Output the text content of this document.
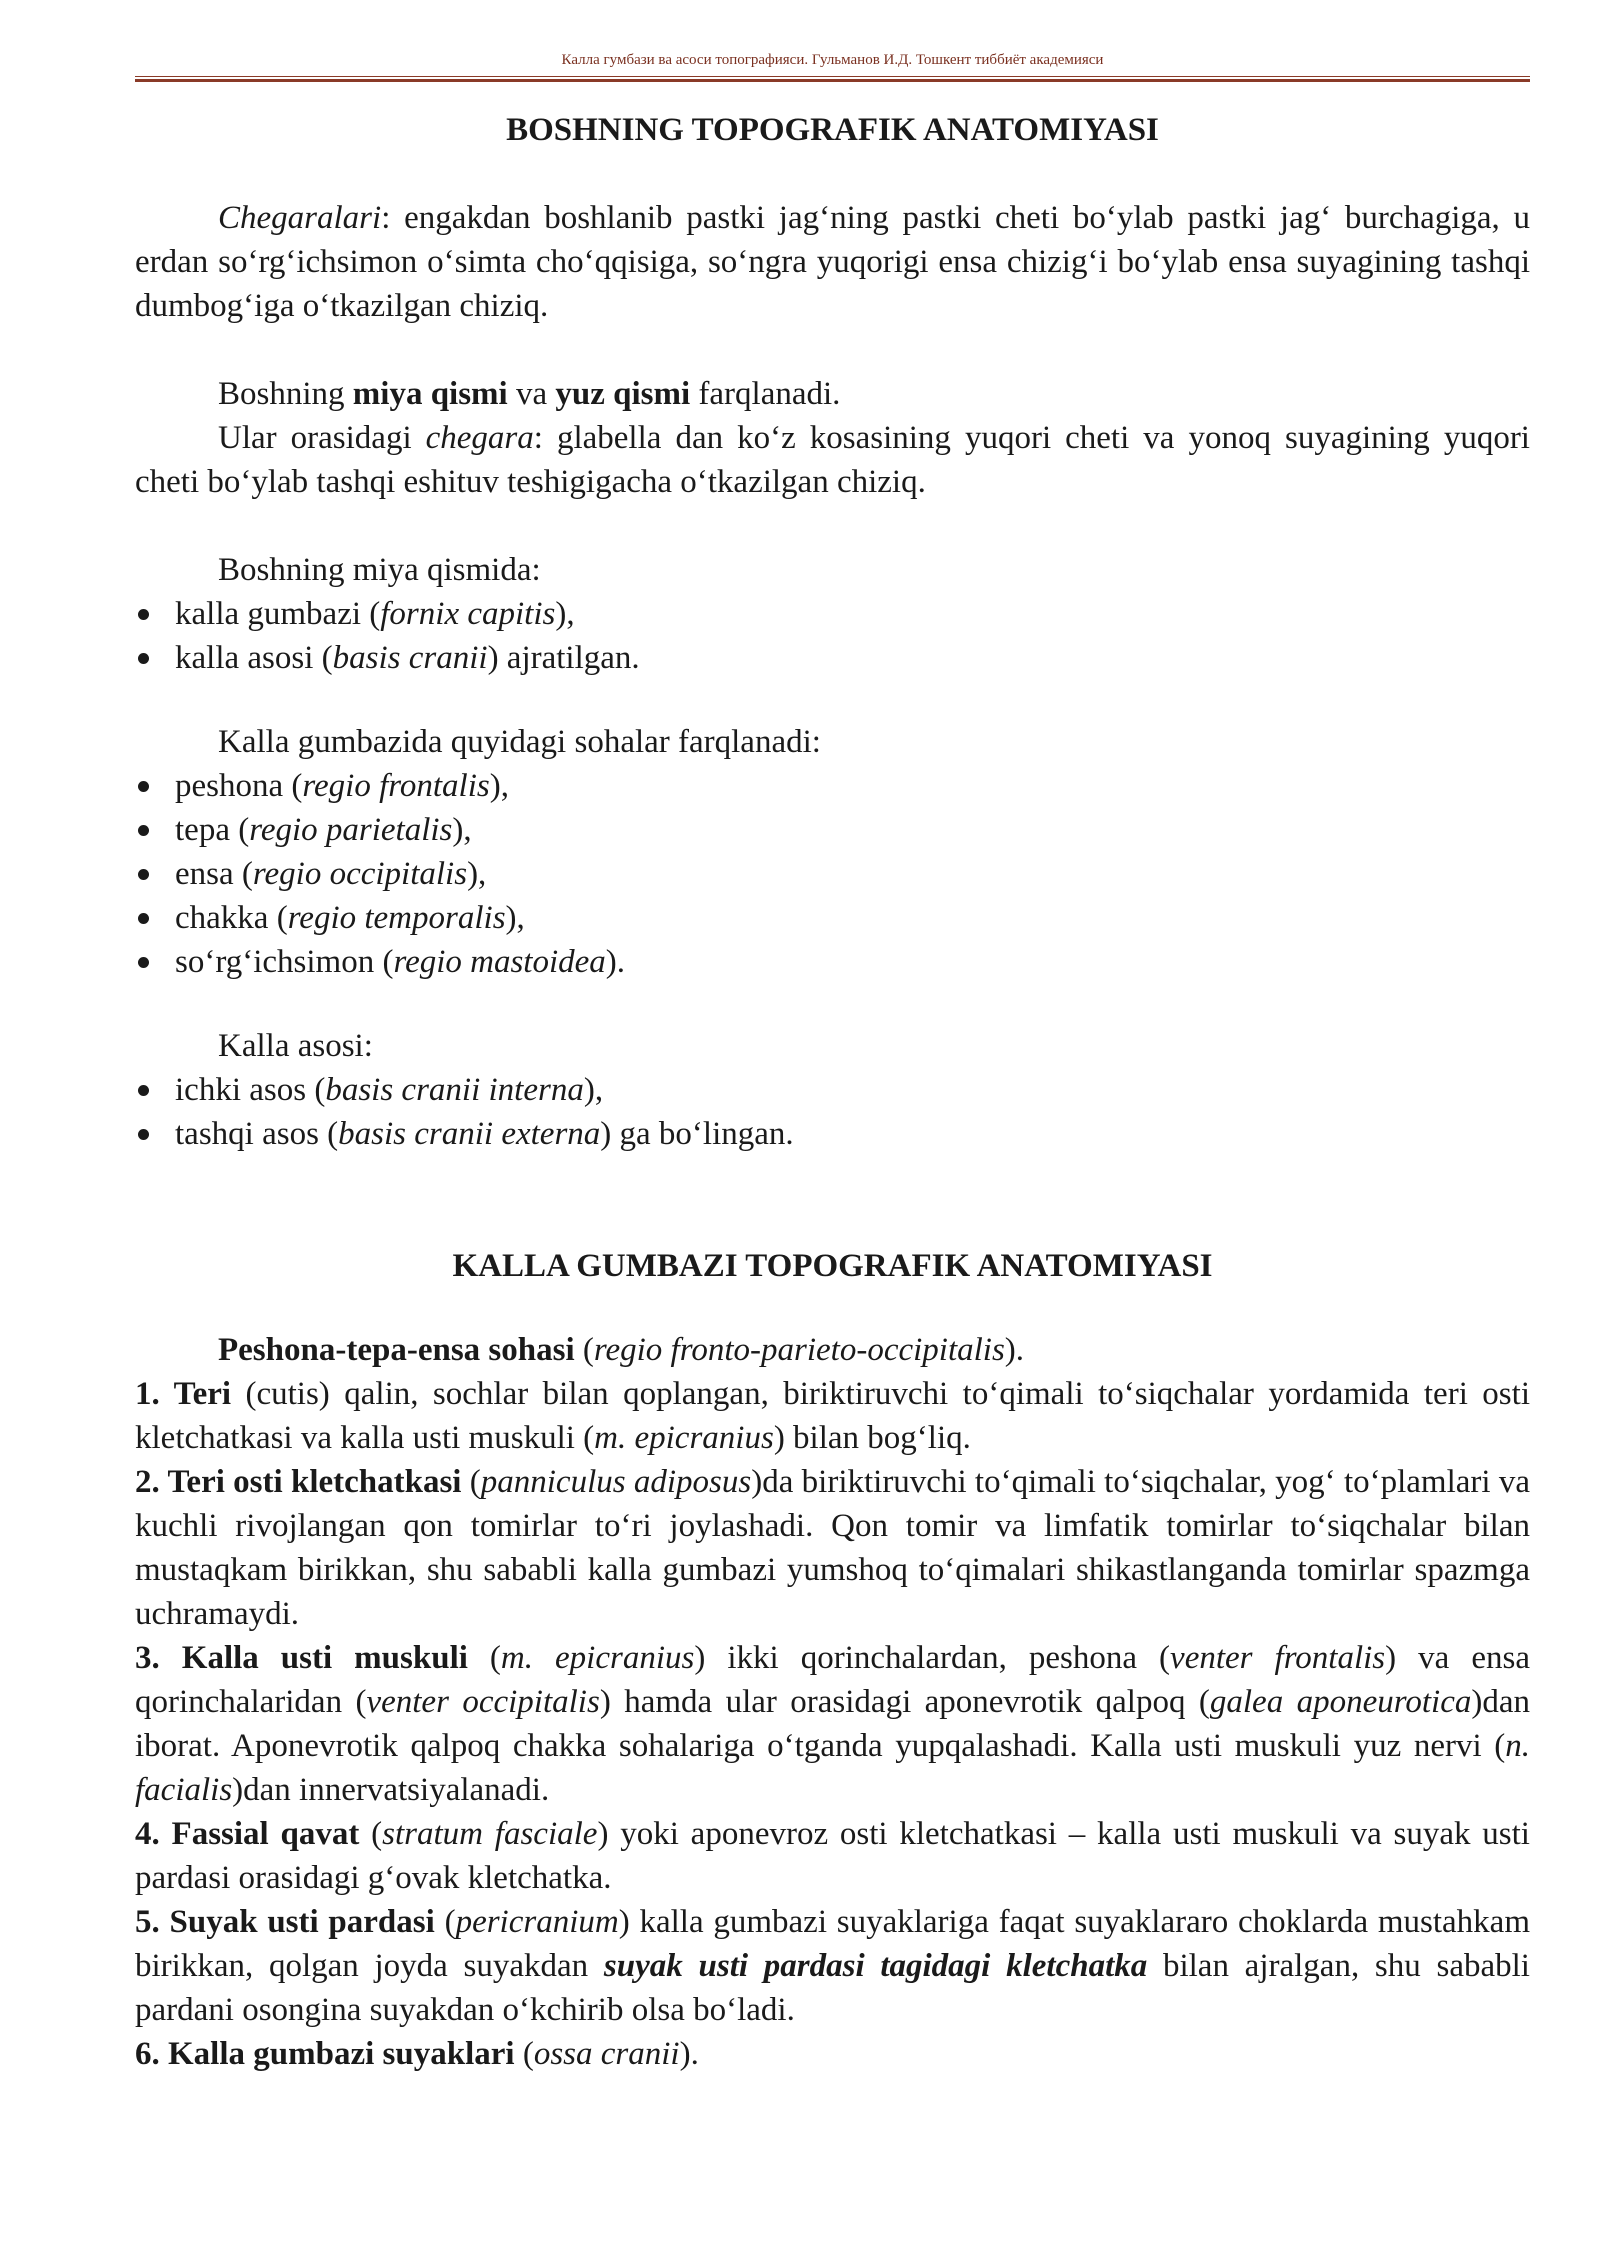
Калла гумбази ва асоси топографияси. Гульманов И.Д. Тошкент тиббиёт академияси
BOSHNING TOPOGRAFIK ANATOMIYASI

Chegaralari: engakdan boshlanib pastki jag‘ning pastki cheti bo‘ylab pastki jag‘ burchagiga, u erdan so‘rg‘ichsimon o‘simta cho‘qqisiga, so‘ngra yuqorigi ensa chizig‘i bo‘ylab ensa suyagining tashqi dumbog‘iga o‘tkazilgan chiziq.

Boshning miya qismi va yuz qismi farqlanadi.

Ular orasidagi chegara: glabella dan ko‘z kosasining yuqori cheti va yonoq suyagining yuqori cheti bo‘ylab tashqi eshituv teshigigacha o‘tkazilgan chiziq.

Boshning miya qismida:

kalla gumbazi (fornix capitis),
kalla asosi (basis cranii) ajratilgan.

Kalla gumbazida quyidagi sohalar farqlanadi:

peshona (regio frontalis),
tepa (regio parietalis),
ensa (regio occipitalis),
chakka (regio temporalis),
so‘rg‘ichsimon (regio mastoidea).

Kalla asosi:

ichki asos (basis cranii interna),
tashqi asos (basis cranii externa) ga bo‘lingan.
KALLA GUMBAZI TOPOGRAFIK ANATOMIYASI

Peshona-tepa-ensa sohasi (regio fronto-parieto-occipitalis).

1. Teri (cutis) qalin, sochlar bilan qoplangan, biriktiruvchi to‘qimali to‘siqchalar yordamida teri osti kletchatkasi va kalla usti muskuli (m. epicranius) bilan bog‘liq.

2. Teri osti kletchatkasi (panniculus adiposus)da biriktiruvchi to‘qimali to‘siqchalar, yog‘ to‘plamlari va kuchli rivojlangan qon tomirlar to‘ri joylashadi. Qon tomir va limfatik tomirlar to‘siqchalar bilan mustaqkam birikkan, shu sababli kalla gumbazi yumshoq to‘qimalari shikastlanganda tomirlar spazmga uchramaydi.

3. Kalla usti muskuli (m. epicranius) ikki qorinchalardan, peshona (venter frontalis) va ensa qorinchalaridan (venter occipitalis) hamda ular orasidagi aponevrotik qalpoq (galea aponeurotica)dan iborat. Aponevrotik qalpoq chakka sohalariga o‘tganda yupqalashadi. Kalla usti muskuli yuz nervi (n. facialis)dan innervatsiyalanadi.

4. Fassial qavat (stratum fasciale) yoki aponevroz osti kletchatkasi – kalla usti muskuli va suyak usti pardasi orasidagi g‘ovak kletchatka.

5. Suyak usti pardasi (pericranium) kalla gumbazi suyaklariga faqat suyaklararo choklarda mustahkam birikkan, qolgan joyda suyakdan suyak usti pardasi tagidagi kletchatka bilan ajralgan, shu sababli pardani osongina suyakdan o‘kchirib olsa bo‘ladi.

6. Kalla gumbazi suyaklari (ossa cranii).
